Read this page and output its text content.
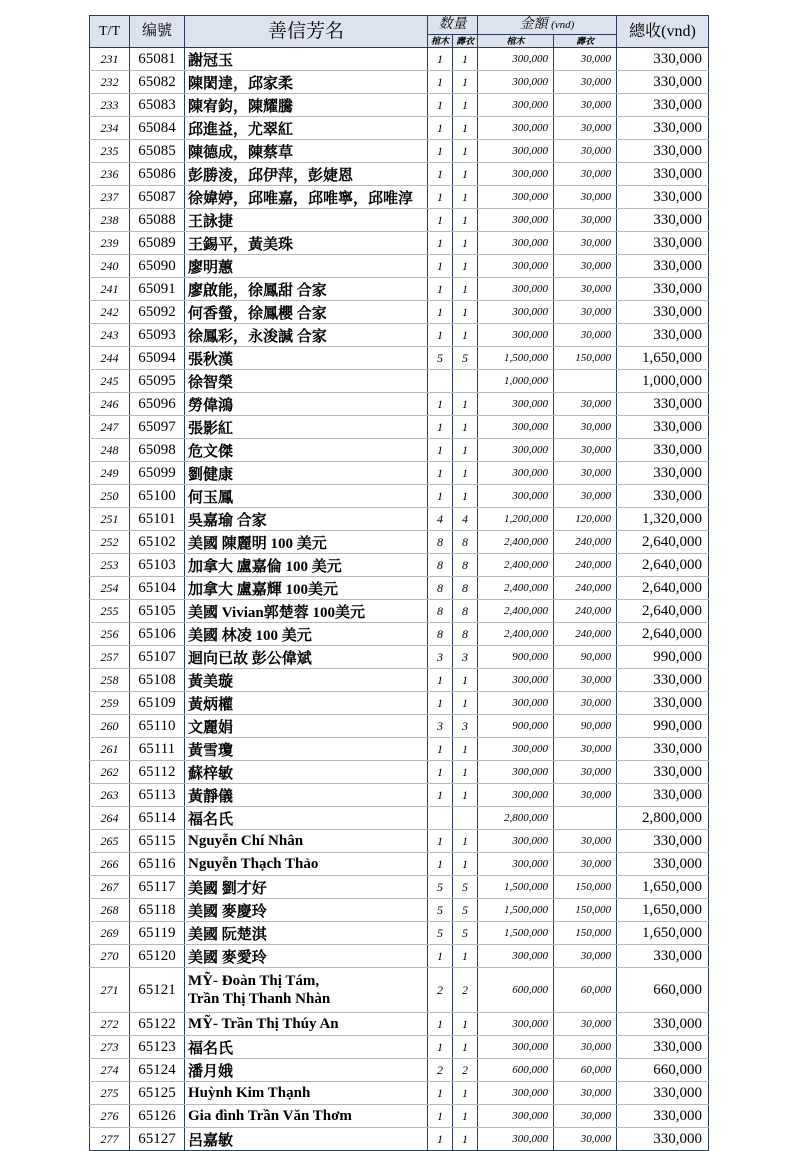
T/T	编號	善信芳名	数量		金額 (vnd)		總收(vnd)
			棺木	壽衣	棺木	壽衣	
231	65081	謝冠玉	1	1	300,000	30,000	330,000
232	65082	陳閎達，邱家柔	1	1	300,000	30,000	330,000
233	65083	陳宥鈞，陳耀騰	1	1	300,000	30,000	330,000
234	65084	邱進益，尤翠紅	1	1	300,000	30,000	330,000
235	65085	陳德成，陳蔡草	1	1	300,000	30,000	330,000
236	65086	彭勝淩，邱伊萍，彭婕恩	1	1	300,000	30,000	330,000
237	65087	徐媁婷，邱唯嘉，邱唯寧，邱唯淳	1	1	300,000	30,000	330,000
238	65088	王詠捷	1	1	300,000	30,000	330,000
239	65089	王錫平，黃美珠	1	1	300,000	30,000	330,000
240	65090	廖明蕙	1	1	300,000	30,000	330,000
241	65091	廖啟能，徐鳳甜 合家	1	1	300,000	30,000	330,000
242	65092	何香螢，徐鳳櫻 合家	1	1	300,000	30,000	330,000
243	65093	徐鳳彩，永浚諴 合家	1	1	300,000	30,000	330,000
244	65094	張秋漢	5	5	1,500,000	150,000	1,650,000
245	65095	徐智榮			1,000,000		1,000,000
246	65096	勞偉鴻	1	1	300,000	30,000	330,000
247	65097	張影紅	1	1	300,000	30,000	330,000
248	65098	危文傑	1	1	300,000	30,000	330,000
249	65099	劉健康	1	1	300,000	30,000	330,000
250	65100	何玉鳳	1	1	300,000	30,000	330,000
251	65101	吳嘉瑜 合家	4	4	1,200,000	120,000	1,320,000
252	65102	美國 陳麗明 100 美元	8	8	2,400,000	240,000	2,640,000
253	65103	加拿大 盧嘉倫 100 美元	8	8	2,400,000	240,000	2,640,000
254	65104	加拿大 盧嘉輝 100美元	8	8	2,400,000	240,000	2,640,000
255	65105	美國 Vivian郭楚蓉 100美元	8	8	2,400,000	240,000	2,640,000
256	65106	美國 林凌 100 美元	8	8	2,400,000	240,000	2,640,000
257	65107	迴向已故 彭公偉斌	3	3	900,000	90,000	990,000
258	65108	黃美璇	1	1	300,000	30,000	330,000
259	65109	黃炳權	1	1	300,000	30,000	330,000
260	65110	文麗娟	3	3	900,000	90,000	990,000
261	65111	黃雪瓊	1	1	300,000	30,000	330,000
262	65112	蘇梓敏	1	1	300,000	30,000	330,000
263	65113	黃靜儀	1	1	300,000	30,000	330,000
264	65114	福名氏			2,800,000		2,800,000
265	65115	Nguyễn Chí Nhân	1	1	300,000	30,000	330,000
266	65116	Nguyễn Thạch Thảo	1	1	300,000	30,000	330,000
267	65117	美國 劉才好	5	5	1,500,000	150,000	1,650,000
268	65118	美國 麥慶玲	5	5	1,500,000	150,000	1,650,000
269	65119	美國 阮楚淇	5	5	1,500,000	150,000	1,650,000
270	65120	美國 麥愛玲	1	1	300,000	30,000	330,000
271	65121	MỸ- Đoàn Thị Tám,
Trần Thị Thanh Nhàn	2	2	600,000	60,000	660,000
272	65122	MỸ- Trần Thị Thúy An	1	1	300,000	30,000	330,000
273	65123	福名氏	1	1	300,000	30,000	330,000
274	65124	潘月娥	2	2	600,000	60,000	660,000
275	65125	Huỳnh Kim Thạnh	1	1	300,000	30,000	330,000
276	65126	Gia đình Trần Văn Thơm	1	1	300,000	30,000	330,000
277	65127	呂嘉敏	1	1	300,000	30,000	330,000
